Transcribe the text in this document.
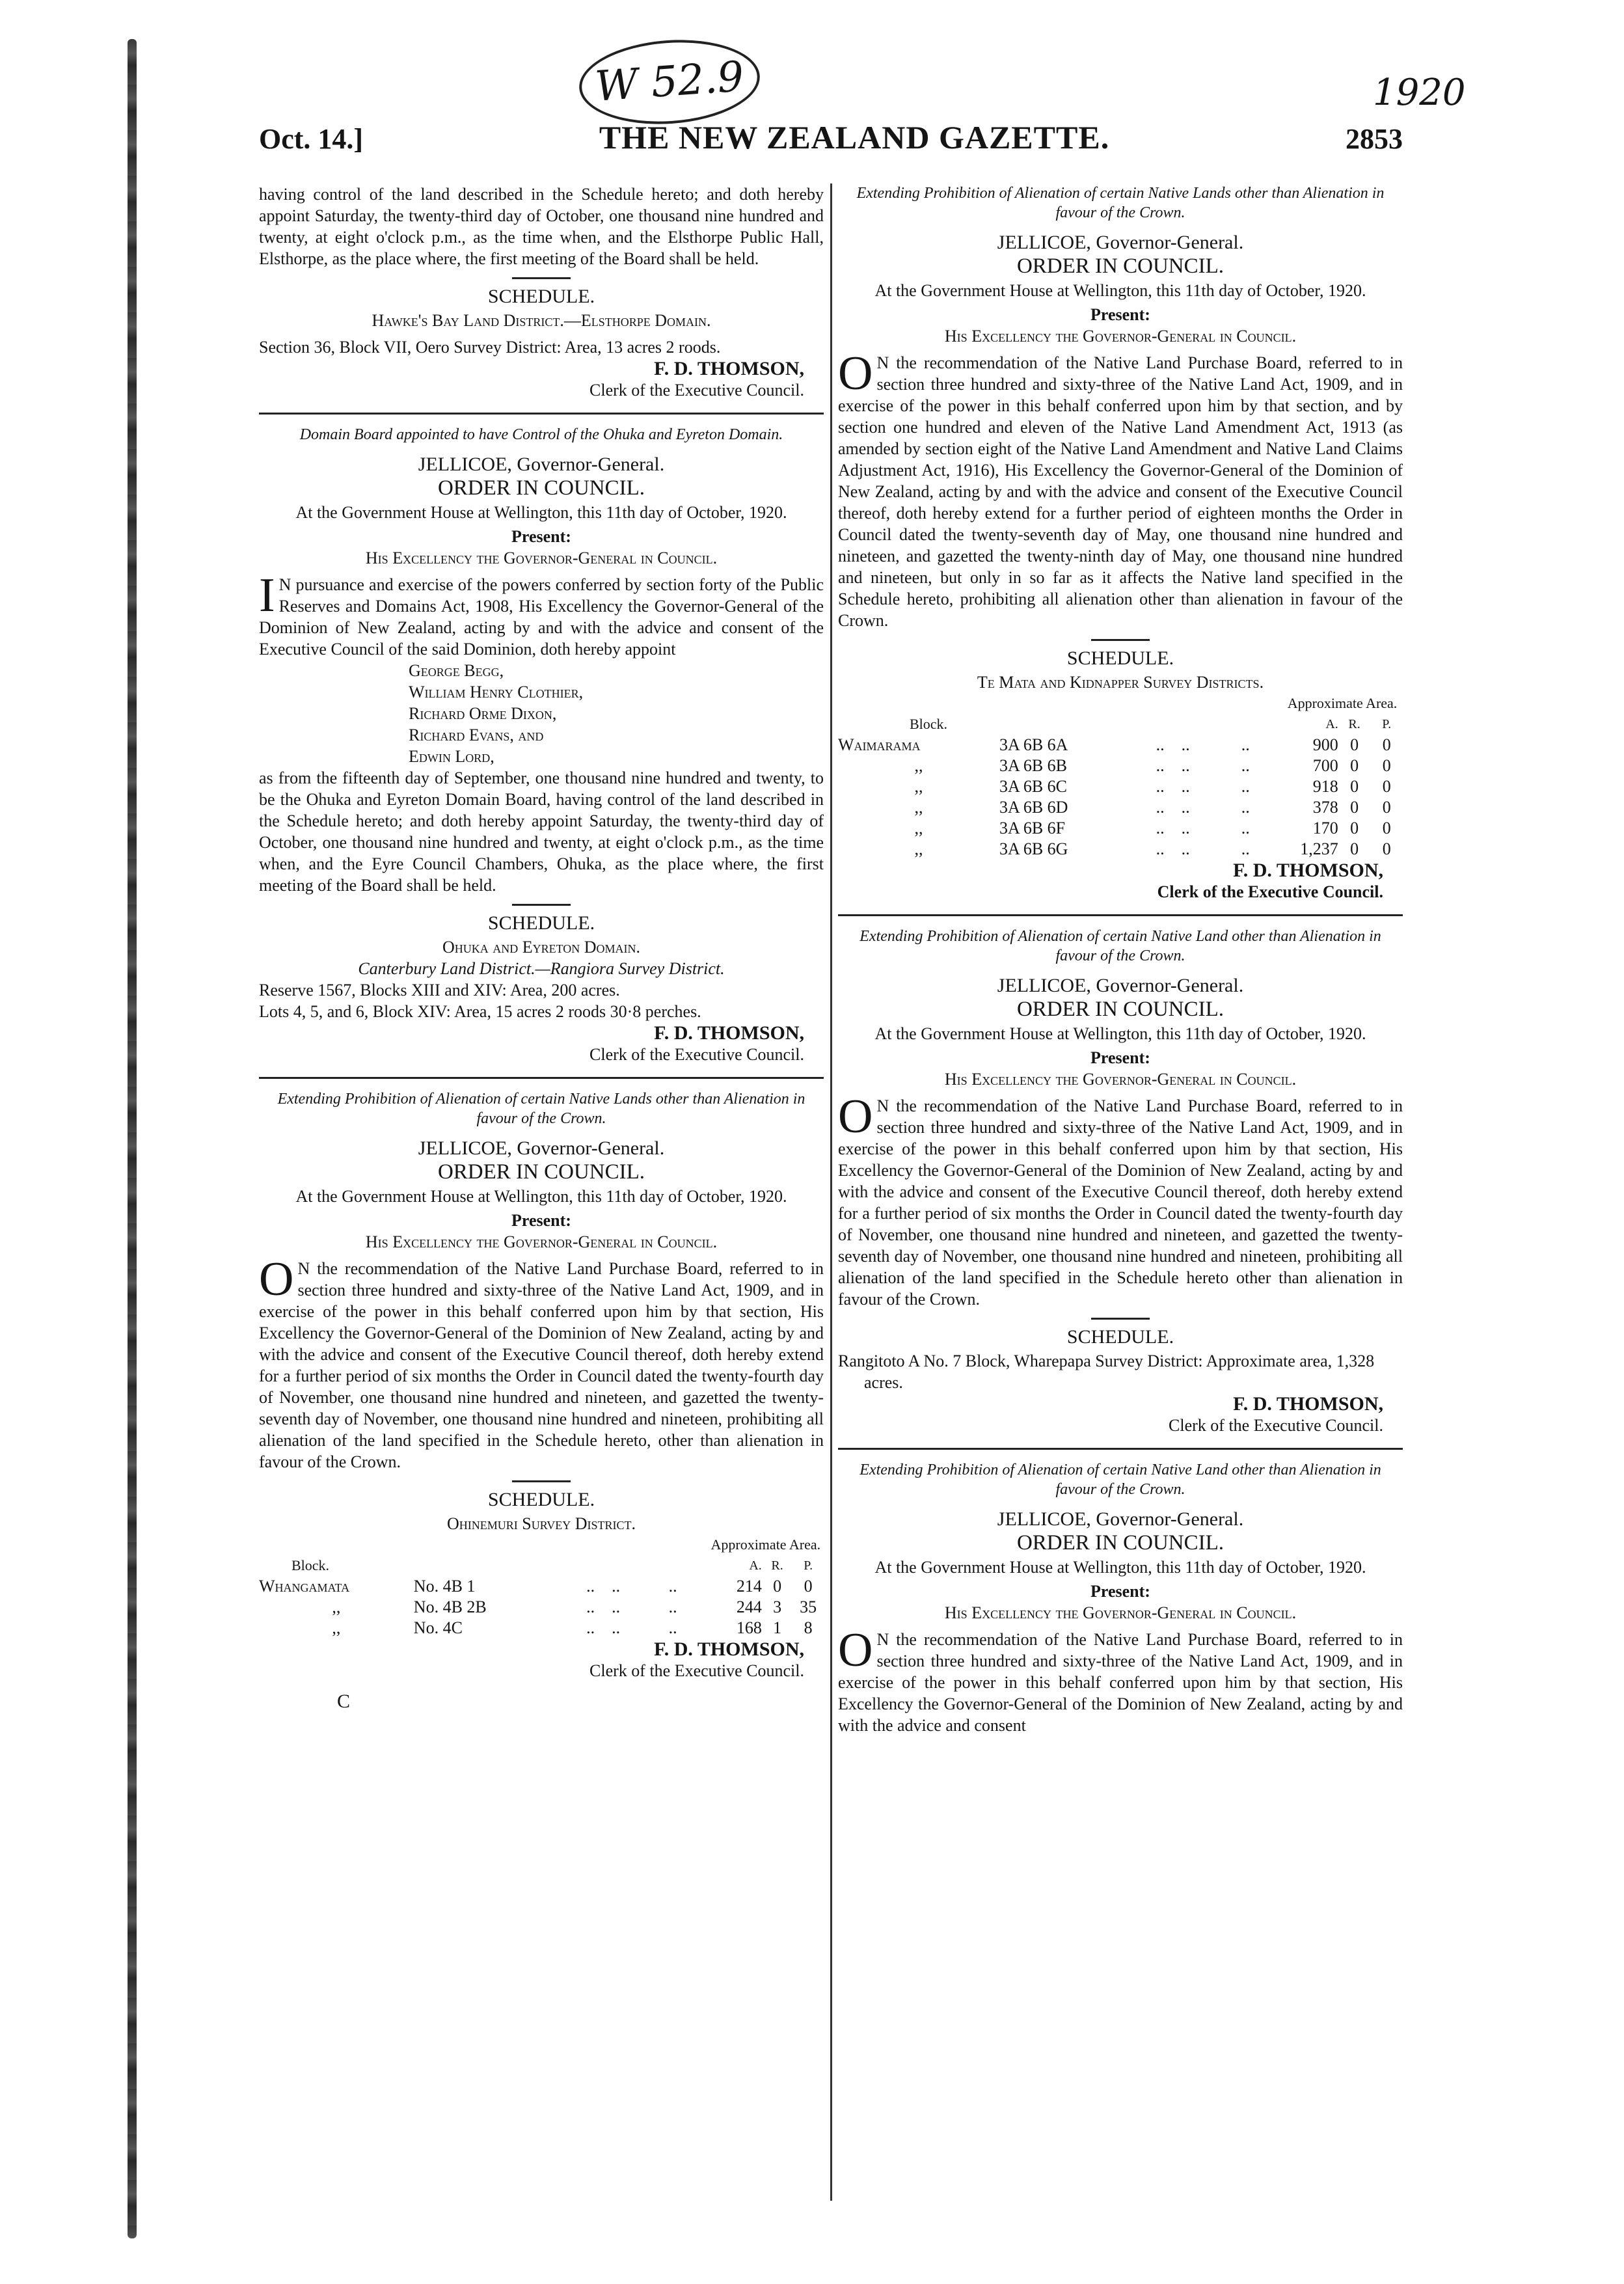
W 52.9	1920
Oct. 14.]	THE NEW ZEALAND GAZETTE.	2853

having control of the land described in the Schedule hereto; and doth hereby appoint Saturday, the twenty-third day of October, one thousand nine hundred and twenty, at eight o'clock p.m., as the time when, and the Elsthorpe Public Hall, Elsthorpe, as the place where, the first meeting of the Board shall be held.

SCHEDULE.
Hawke's Bay Land District.—Elsthorpe Domain.

Section 36, Block VII, Oero Survey District: Area, 13 acres 2 roods.

F. D. THOMSON,
Clerk of the Executive Council.
Domain Board appointed to have Control of the Ohuka and Eyreton Domain.
JELLICOE, Governor-General.
ORDER IN COUNCIL.
At the Government House at Wellington, this 11th day of October, 1920.
Present:
His Excellency the Governor-General in Council.

I N pursuance and exercise of the powers conferred by section forty of the Public Reserves and Domains Act, 1908, His Excellency the Governor-General of the Dominion of New Zealand, acting by and with the advice and consent of the Executive Council of the said Dominion, doth hereby appoint

George Begg,
William Henry Clothier,
Richard Orme Dixon,
Richard Evans, and
Edwin Lord,

as from the fifteenth day of September, one thousand nine hundred and twenty, to be the Ohuka and Eyreton Domain Board, having control of the land described in the Schedule hereto; and doth hereby appoint Saturday, the twenty-third day of October, one thousand nine hundred and twenty, at eight o'clock p.m., as the time when, and the Eyre Council Chambers, Ohuka, as the place where, the first meeting of the Board shall be held.

SCHEDULE.
Ohuka and Eyreton Domain.
Canterbury Land District.—Rangiora Survey District.
Reserve 1567, Blocks XIII and XIV: Area, 200 acres.
Lots 4, 5, and 6, Block XIV: Area, 15 acres 2 roods 30·8 perches.
F. D. THOMSON,
Clerk of the Executive Council.
Extending Prohibition of Alienation of certain Native Lands other than Alienation in favour of the Crown.
JELLICOE, Governor-General.
ORDER IN COUNCIL.
At the Government House at Wellington, this 11th day of October, 1920.
Present:
His Excellency the Governor-General in Council.

O N the recommendation of the Native Land Purchase Board, referred to in section three hundred and sixty-three of the Native Land Act, 1909, and in exercise of the power in this behalf conferred upon him by that section, His Excellency the Governor-General of the Dominion of New Zealand, acting by and with the advice and consent of the Executive Council thereof, doth hereby extend for a further period of six months the Order in Council dated the twenty-fourth day of November, one thousand nine hundred and nineteen, and gazetted the twenty-seventh day of November, one thousand nine hundred and nineteen, prohibiting all alienation of the land specified in the Schedule hereto, other than alienation in favour of the Crown.

SCHEDULE.
Ohinemuri Survey District.
				Approximate Area.		
Block.				A.	R.	P.
Whangamata	No. 4B 1	..    ..	..	214	0	0
,,	No. 4B 2B	..    ..	..	244	3	35
,,	No. 4C	..    ..	..	168	1	8
F. D. THOMSON,
Clerk of the Executive Council.
C
Extending Prohibition of Alienation of certain Native Lands other than Alienation in favour of the Crown.
JELLICOE, Governor-General.
ORDER IN COUNCIL.
At the Government House at Wellington, this 11th day of October, 1920.
Present:
His Excellency the Governor-General in Council.

O N the recommendation of the Native Land Purchase Board, referred to in section three hundred and sixty-three of the Native Land Act, 1909, and in exercise of the power in this behalf conferred upon him by that section, and by section one hundred and eleven of the Native Land Amendment Act, 1913 (as amended by section eight of the Native Land Amendment and Native Land Claims Adjustment Act, 1916), His Excellency the Governor-General of the Dominion of New Zealand, acting by and with the advice and consent of the Executive Council thereof, doth hereby extend for a further period of eighteen months the Order in Council dated the twenty-seventh day of May, one thousand nine hundred and nineteen, and gazetted the twenty-ninth day of May, one thousand nine hundred and nineteen, but only in so far as it affects the Native land specified in the Schedule hereto, prohibiting all alienation other than alienation in favour of the Crown.

SCHEDULE.
Te Mata and Kidnapper Survey Districts.
				Approximate Area.		
Block.				A.	R.	P.
Waimarama	3A 6B 6A	..    ..	..	900	0	0
,,	3A 6B 6B	..    ..	..	700	0	0
,,	3A 6B 6C	..    ..	..	918	0	0
,,	3A 6B 6D	..    ..	..	378	0	0
,,	3A 6B 6F	..    ..	..	170	0	0
,,	3A 6B 6G	..    ..	..	1,237	0	0
F. D. THOMSON,
Clerk of the Executive Council.
Extending Prohibition of Alienation of certain Native Land other than Alienation in favour of the Crown.
JELLICOE, Governor-General.
ORDER IN COUNCIL.
At the Government House at Wellington, this 11th day of October, 1920.
Present:
His Excellency the Governor-General in Council.

O N the recommendation of the Native Land Purchase Board, referred to in section three hundred and sixty-three of the Native Land Act, 1909, and in exercise of the power in this behalf conferred upon him by that section, His Excellency the Governor-General of the Dominion of New Zealand, acting by and with the advice and consent of the Executive Council thereof, doth hereby extend for a further period of six months the Order in Council dated the twenty-fourth day of November, one thousand nine hundred and nineteen, and gazetted the twenty-seventh day of November, one thousand nine hundred and nineteen, prohibiting all alienation of the land specified in the Schedule hereto other than alienation in favour of the Crown.

SCHEDULE.
Rangitoto A No. 7 Block, Wharepapa Survey District: Approximate area, 1,328 acres.
F. D. THOMSON,
Clerk of the Executive Council.
Extending Prohibition of Alienation of certain Native Land other than Alienation in favour of the Crown.
JELLICOE, Governor-General.
ORDER IN COUNCIL.
At the Government House at Wellington, this 11th day of October, 1920.
Present:
His Excellency the Governor-General in Council.

O N the recommendation of the Native Land Purchase Board, referred to in section three hundred and sixty-three of the Native Land Act, 1909, and in exercise of the power in this behalf conferred upon him by that section, His Excellency the Governor-General of the Dominion of New Zealand, acting by and with the advice and consent
